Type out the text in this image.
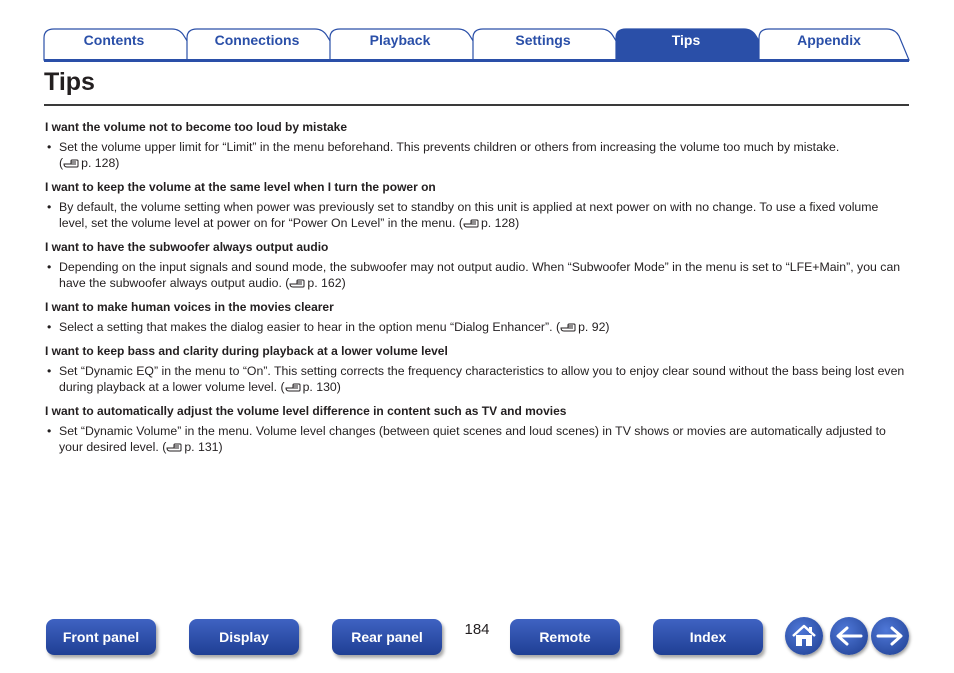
Contents	Connections	Playback	Settings	Tips	Appendix
Tips

I want the volume not to become too loud by mistake

• Set the volume upper limit for “Limit” in the menu beforehand. This prevents children or others from increasing the volume too much by mistake.
( p. 128)

I want to keep the volume at the same level when I turn the power on

• By default, the volume setting when power was previously set to standby on this unit is applied at next power on with no change. To use a fixed volume level, set the volume level at power on for “Power On Level” in the menu. ( p. 128)

I want to have the subwoofer always output audio

• Depending on the input signals and sound mode, the subwoofer may not output audio. When “Subwoofer Mode” in the menu is set to “LFE+Main”, you can have the subwoofer always output audio. ( p. 162)

I want to make human voices in the movies clearer

• Select a setting that makes the dialog easier to hear in the option menu “Dialog Enhancer”. ( p. 92)

I want to keep bass and clarity during playback at a lower volume level

• Set “Dynamic EQ” in the menu to “On”. This setting corrects the frequency characteristics to allow you to enjoy clear sound without the bass being lost even during playback at a lower volume level. ( p. 130)

I want to automatically adjust the volume level difference in content such as TV and movies

• Set “Dynamic Volume” in the menu. Volume level changes (between quiet scenes and loud scenes) in TV shows or movies are automatically adjusted to your desired level. ( p. 131)

Front panel	Display	Rear panel	184	Remote	Index
